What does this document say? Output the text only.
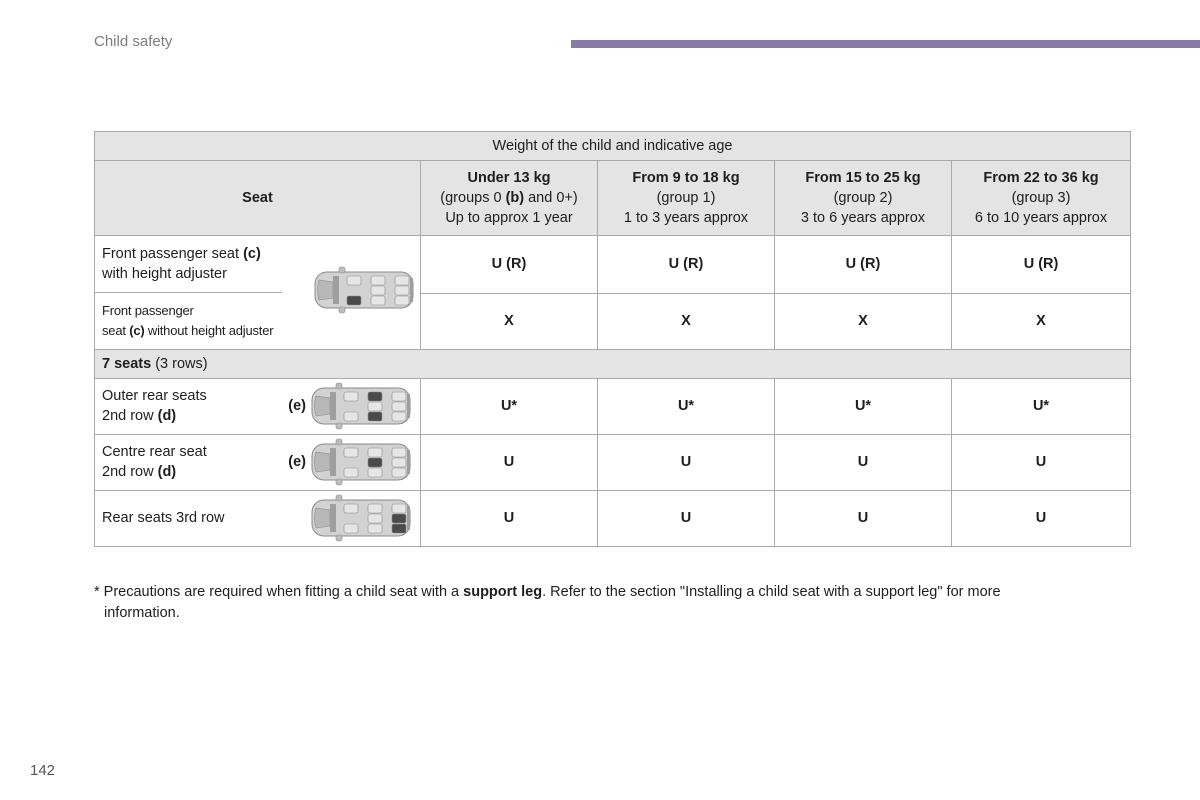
Child safety
Weight of the child and indicative age				
Seat	Under 13 kg
(groups 0 (b) and 0+)
Up to approx 1 year	From 9 to 18 kg
(group 1)
1 to 3 years approx	From 15 to 25 kg
(group 2)
3 to 6 years approx	From 22 to 36 kg
(group 3)
6 to 10 years approx

Front passenger seat (c)
with height adjuster	U (R)	U (R)	U (R)	U (R)

Front passenger
seat (c) without height adjuster	X	X	X	X
7 seats (3 rows)				

Outer rear seats
2nd row (d)
(e)	U*	U*	U*	U*

Centre rear seat
2nd row (d)
(e)	U	U	U	U

Rear seats 3rd row	U	U	U	U
* Precautions are required when fitting a child seat with a support leg. Refer to the section "Installing a child seat with a support leg" for more
information.
142
